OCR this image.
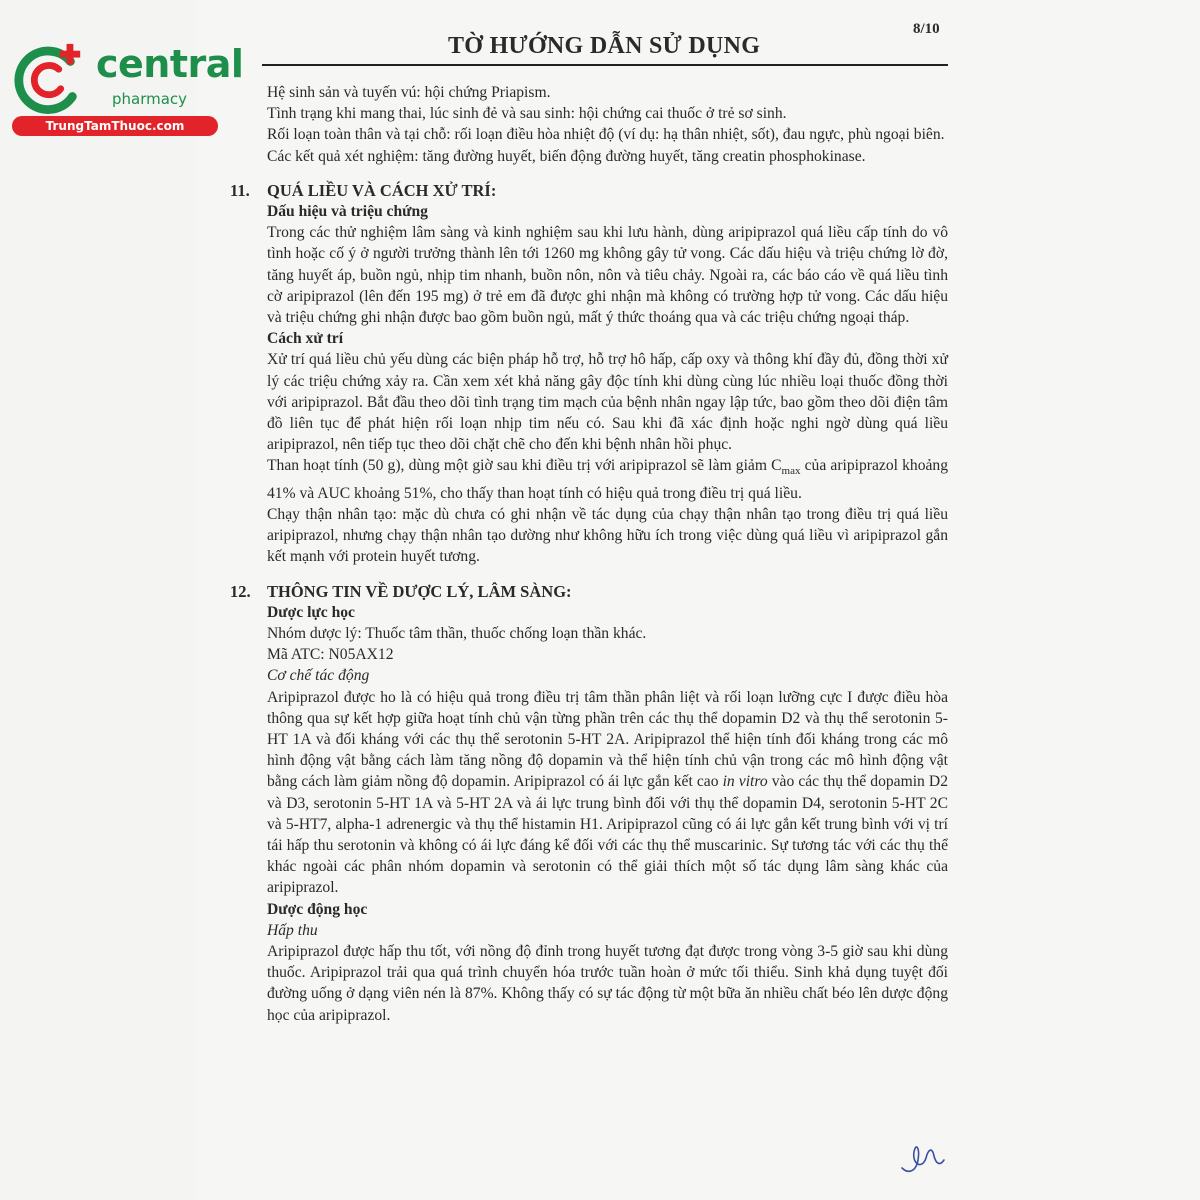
central
pharmacy
TrungTamThuoc.com
8/10
TỜ HƯỚNG DẪN SỬ DỤNG

Hệ sinh sản và tuyến vú: hội chứng Priapism.

Tình trạng khi mang thai, lúc sinh đẻ và sau sinh: hội chứng cai thuốc ở trẻ sơ sinh.

Rối loạn toàn thân và tại chỗ: rối loạn điều hòa nhiệt độ (ví dụ: hạ thân nhiệt, sốt), đau ngực, phù ngoại biên.

Các kết quả xét nghiệm: tăng đường huyết, biến động đường huyết, tăng creatin phosphokinase.

11.	QUÁ LIỀU VÀ CÁCH XỬ TRÍ:

Dấu hiệu và triệu chứng

Trong các thử nghiệm lâm sàng và kinh nghiệm sau khi lưu hành, dùng aripiprazol quá liều cấp tính do vô tình hoặc cố ý ở người trưởng thành lên tới 1260 mg không gây tử vong. Các dấu hiệu và triệu chứng lờ đờ, tăng huyết áp, buồn ngủ, nhịp tim nhanh, buồn nôn, nôn và tiêu chảy. Ngoài ra, các báo cáo về quá liều tình cờ aripiprazol (lên đến 195 mg) ở trẻ em đã được ghi nhận mà không có trường hợp tử vong. Các dấu hiệu và triệu chứng ghi nhận được bao gồm buồn ngủ, mất ý thức thoáng qua và các triệu chứng ngoại tháp.

Cách xử trí

Xử trí quá liều chủ yếu dùng các biện pháp hỗ trợ, hỗ trợ hô hấp, cấp oxy và thông khí đầy đủ, đồng thời xử lý các triệu chứng xảy ra. Cần xem xét khả năng gây độc tính khi dùng cùng lúc nhiều loại thuốc đồng thời với aripiprazol. Bắt đầu theo dõi tình trạng tim mạch của bệnh nhân ngay lập tức, bao gồm theo dõi điện tâm đồ liên tục để phát hiện rối loạn nhịp tim nếu có. Sau khi đã xác định hoặc nghi ngờ dùng quá liều aripiprazol, nên tiếp tục theo dõi chặt chẽ cho đến khi bệnh nhân hồi phục.

Than hoạt tính (50 g), dùng một giờ sau khi điều trị với aripiprazol sẽ làm giảm $C_{max}$ của aripiprazol khoảng 41% và AUC khoảng 51%, cho thấy than hoạt tính có hiệu quả trong điều trị quá liều.

Chạy thận nhân tạo: mặc dù chưa có ghi nhận về tác dụng của chạy thận nhân tạo trong điều trị quá liều aripiprazol, nhưng chạy thận nhân tạo dường như không hữu ích trong việc dùng quá liều vì aripiprazol gắn kết mạnh với protein huyết tương.

12. THÔNG TIN VỀ DƯỢC LÝ, LÂM SÀNG:

Dược lực học

Nhóm dược lý: Thuốc tâm thần, thuốc chống loạn thần khác.

Mã ATC: N05AX12

Cơ chế tác động

Aripiprazol được ho là có hiệu quả trong điều trị tâm thần phân liệt và rối loạn lưỡng cực I được điều hòa thông qua sự kết hợp giữa hoạt tính chủ vận từng phần trên các thụ thể dopamin D2 và thụ thể serotonin 5-HT 1A và đối kháng với các thụ thể serotonin 5-HT 2A. Aripiprazol thể hiện tính đối kháng trong các mô hình động vật bằng cách làm tăng nồng độ dopamin và thể hiện tính chủ vận trong các mô hình động vật bằng cách làm giảm nồng độ dopamin. Aripiprazol có ái lực gắn kết cao in vitro vào các thụ thể dopamin D2 và D3, serotonin 5-HT 1A và 5-HT 2A và ái lực trung bình đối với thụ thể dopamin D4, serotonin 5-HT 2C và 5-HT7, alpha-1 adrenergic và thụ thể histamin H1. Aripiprazol cũng có ái lực gắn kết trung bình với vị trí tái hấp thu serotonin và không có ái lực đáng kể đối với các thụ thể muscarinic. Sự tương tác với các thụ thể khác ngoài các phân nhóm dopamin và serotonin có thể giải thích một số tác dụng lâm sàng khác của aripiprazol.

Dược động học

Hấp thu

Aripiprazol được hấp thu tốt, với nồng độ đỉnh trong huyết tương đạt được trong vòng 3-5 giờ sau khi dùng thuốc. Aripiprazol trải qua quá trình chuyển hóa trước tuần hoàn ở mức tối thiểu. Sinh khả dụng tuyệt đối đường uống ở dạng viên nén là 87%. Không thấy có sự tác động từ một bữa ăn nhiều chất béo lên dược động học của aripiprazol.
